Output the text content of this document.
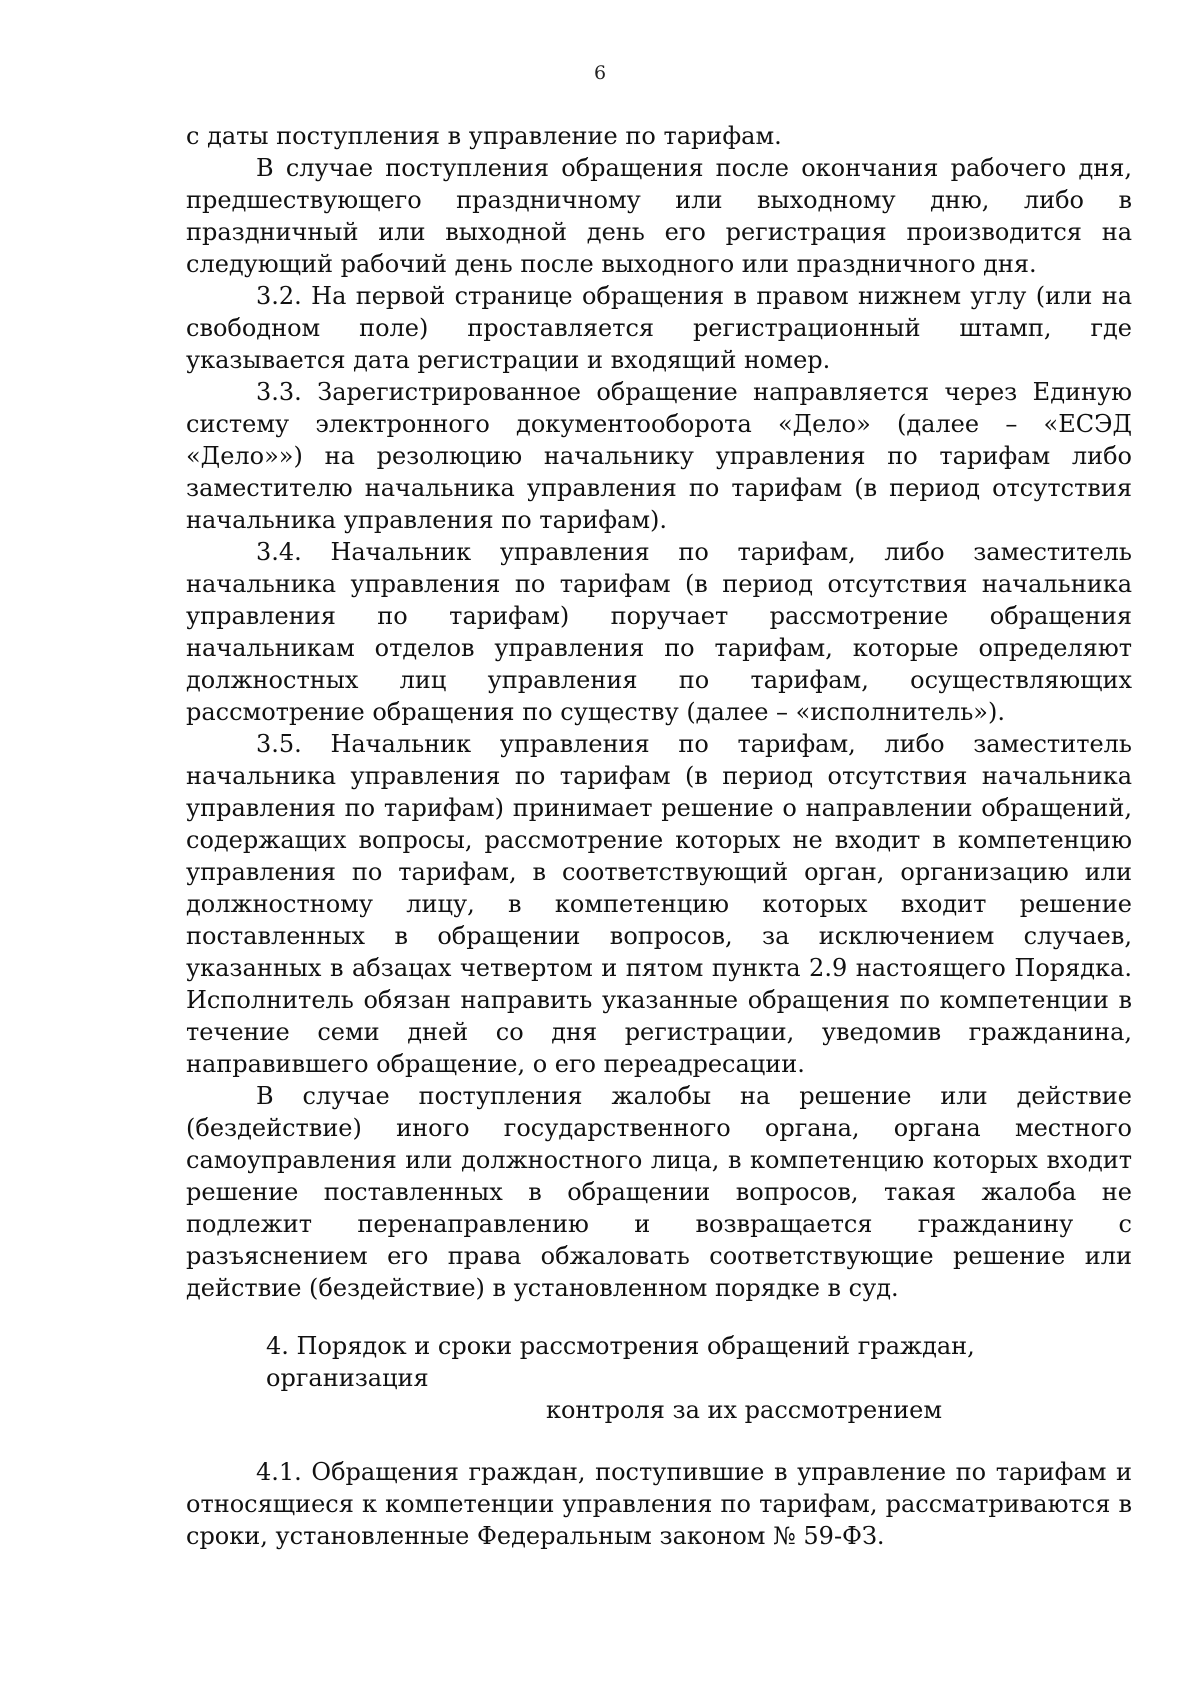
6

с даты поступления в управление по тарифам.

В случае поступления обращения после окончания рабочего дня, предшествующего праздничному или выходному дню, либо в праздничный или выходной день его регистрация производится на следующий рабочий день после выходного или праздничного дня.

3.2. На первой странице обращения в правом нижнем углу (или на свободном поле) проставляется регистрационный штамп, где указывается дата регистрации и входящий номер.

3.3. Зарегистрированное обращение направляется через Единую систему электронного документооборота «Дело» (далее – «ЕСЭД «Дело»») на резолюцию начальнику управления по тарифам либо заместителю начальника управления по тарифам (в период отсутствия начальника управления по тарифам).

3.4. Начальник управления по тарифам, либо заместитель начальника управления по тарифам (в период отсутствия начальника управления по тарифам) поручает рассмотрение обращения начальникам отделов управления по тарифам, которые определяют должностных лиц управления по тарифам, осуществляющих рассмотрение обращения по существу (далее – «исполнитель»).

3.5. Начальник управления по тарифам, либо заместитель начальника управления по тарифам (в период отсутствия начальника управления по тарифам) принимает решение о направлении обращений, содержащих вопросы, рассмотрение которых не входит в компетенцию управления по тарифам, в соответствующий орган, организацию или должностному лицу, в компетенцию которых входит решение поставленных в обращении вопросов, за исключением случаев, указанных в абзацах четвертом и пятом пункта 2.9 настоящего Порядка. Исполнитель обязан направить указанные обращения по компетенции в течение семи дней со дня регистрации, уведомив гражданина, направившего обращение, о его переадресации.

В случае поступления жалобы на решение или действие (бездействие) иного государственного органа, органа местного самоуправления или должностного лица, в компетенцию которых входит решение поставленных в обращении вопросов, такая жалоба не подлежит перенаправлению и возвращается гражданину с разъяснением его права обжаловать соответствующие решение или действие (бездействие) в установленном порядке в суд.

4. Порядок и сроки рассмотрения обращений граждан, организация
контроля за их рассмотрением

4.1. Обращения граждан, поступившие в управление по тарифам и относящиеся к компетенции управления по тарифам, рассматриваются в сроки, установленные Федеральным законом № 59-ФЗ.
